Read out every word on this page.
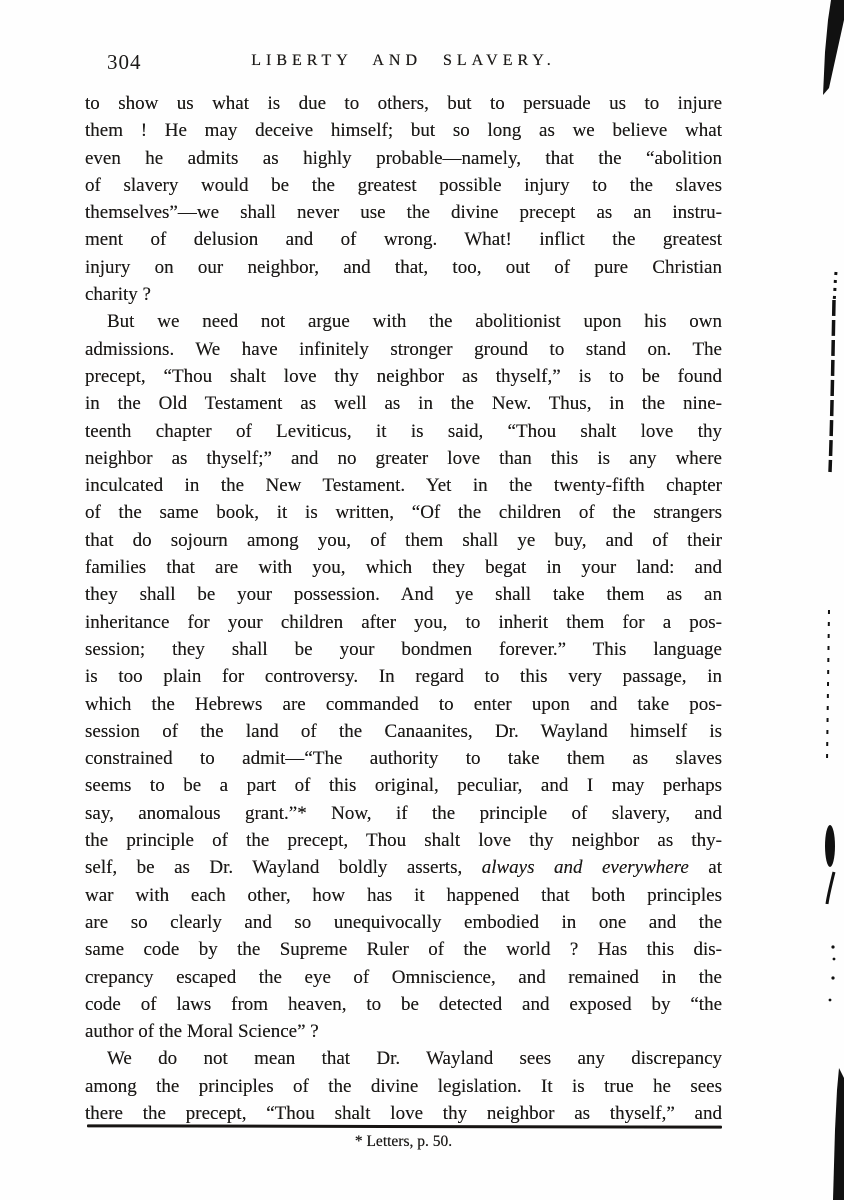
304	LIBERTY AND SLAVERY.
to show us what is due to others, but to persuade us to injure
them ! He may deceive himself; but so long as we believe what
even he admits as highly probable—namely, that the “abolition
of slavery would be the greatest possible injury to the slaves
themselves”—we shall never use the divine precept as an instru-
ment of delusion and of wrong. What! inflict the greatest
injury on our neighbor, and that, too, out of pure Christian
charity ?
But we need not argue with the abolitionist upon his own
admissions. We have infinitely stronger ground to stand on. The
precept, “Thou shalt love thy neighbor as thyself,” is to be found
in the Old Testament as well as in the New. Thus, in the nine-
teenth chapter of Leviticus, it is said, “Thou shalt love thy
neighbor as thyself;” and no greater love than this is any where
inculcated in the New Testament. Yet in the twenty-fifth chapter
of the same book, it is written, “Of the children of the strangers
that do sojourn among you, of them shall ye buy, and of their
families that are with you, which they begat in your land: and
they shall be your possession. And ye shall take them as an
inheritance for your children after you, to inherit them for a pos-
session; they shall be your bondmen forever.” This language
is too plain for controversy. In regard to this very passage, in
which the Hebrews are commanded to enter upon and take pos-
session of the land of the Canaanites, Dr. Wayland himself is
constrained to admit—“The authority to take them as slaves
seems to be a part of this original, peculiar, and I may perhaps
say, anomalous grant.”* Now, if the principle of slavery, and
the principle of the precept, Thou shalt love thy neighbor as thy-
self, be as Dr. Wayland boldly asserts, always and everywhere at
war with each other, how has it happened that both principles
are so clearly and so unequivocally embodied in one and the
same code by the Supreme Ruler of the world ? Has this dis-
crepancy escaped the eye of Omniscience, and remained in the
code of laws from heaven, to be detected and exposed by “the
author of the Moral Science” ?
We do not mean that Dr. Wayland sees any discrepancy
among the principles of the divine legislation. It is true he sees
there the precept, “Thou shalt love thy neighbor as thyself,” and
* Letters, p. 50.
